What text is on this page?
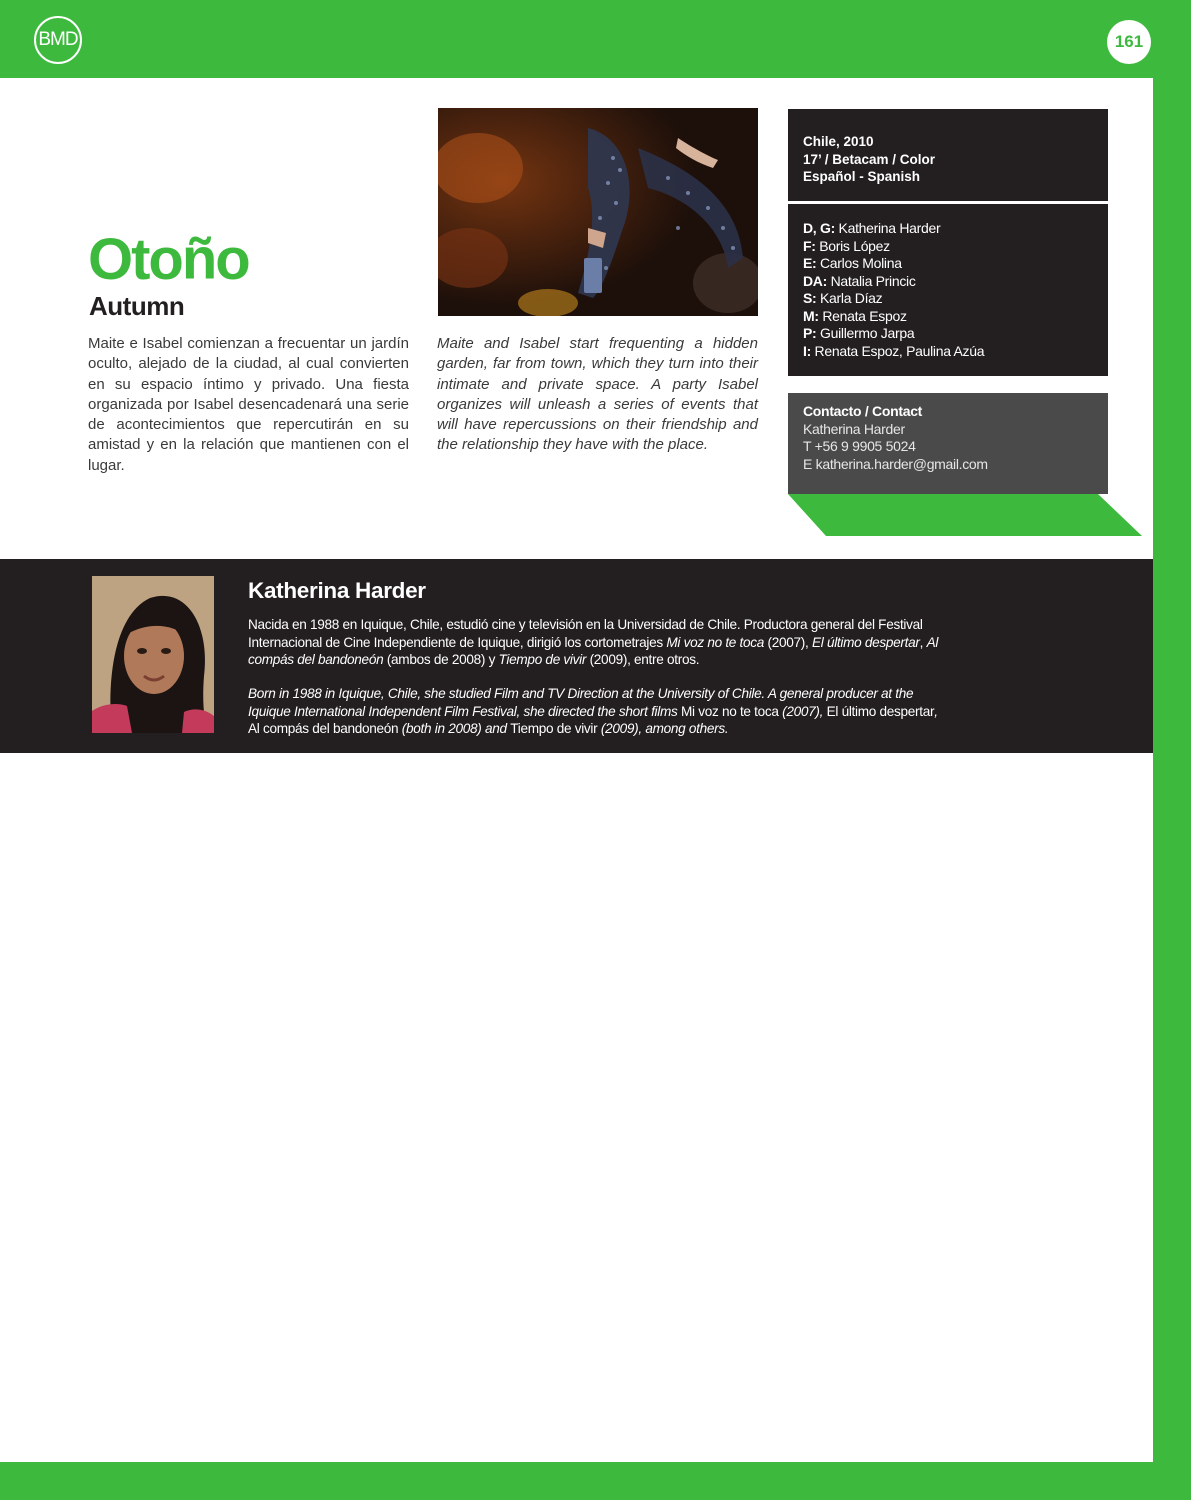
BMD	161
Otoño
Autumn

Maite e Isabel comienzan a frecuentar un jardín oculto, alejado de la ciudad, al cual convierten en su espacio íntimo y privado. Una fiesta organizada por Isabel desencadenará una serie de acontecimientos que repercutirán en su amistad y en la relación que mantienen con el lugar.

Maite and Isabel start frequenting a hidden garden, far from town, which they turn into their intimate and private space. A party Isabel organizes will unleash a series of events that will have repercussions on their friendship and the relationship they have with the place.

Chile, 2010
17’ / Betacam / Color
Español - Spanish
D, G: Katherina Harder
F: Boris López
E: Carlos Molina
DA: Natalia Princic
S: Karla Díaz
M: Renata Espoz
P: Guillermo Jarpa
I: Renata Espoz, Paulina Azúa
Contacto / Contact
Katherina Harder
T +56 9 9905 5024
E katherina.harder@gmail.com
Katherina Harder

Nacida en 1988 en Iquique, Chile, estudió cine y televisión en la Universidad de Chile. Productora general del Festival Internacional de Cine Independiente de Iquique, dirigió los cortometrajes Mi voz no te toca (2007), El último despertar, Al compás del bandoneón (ambos de 2008) y Tiempo de vivir (2009), entre otros.

Born in 1988 in Iquique, Chile, she studied Film and TV Direction at the University of Chile. A general producer at the Iquique International Independent Film Festival, she directed the short films Mi voz no te toca (2007), El último despertar, Al compás del bandoneón (both in 2008) and Tiempo de vivir (2009), among others.
